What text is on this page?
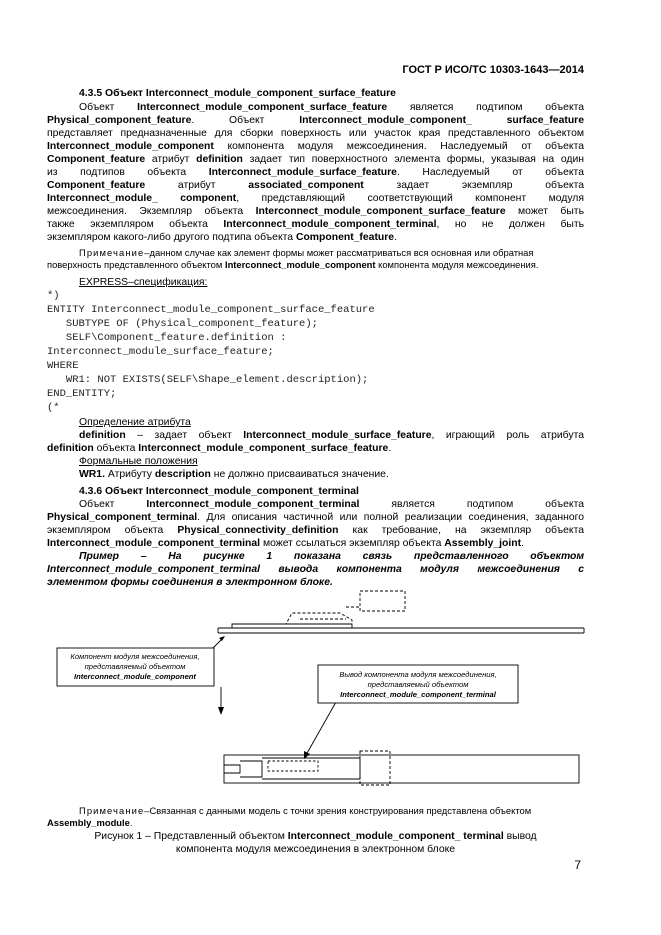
ГОСТ Р ИСО/ТС 10303-1643—2014
4.3.5 Объект Interconnect_module_component_surface_feature
Объект Interconnect_module_component_surface_feature является подтипом объекта
Physical_component_feature.	Объект	Interconnect_module_component_	surface_feature
представляет предназначенные для сборки поверхность или участок края представленного объектом
Interconnect_module_component компонента модуля межсоединения. Наследуемый от объекта
Component_feature атрибут definition задает тип поверхностного элемента формы, указывая на один
из подтипов объекта Interconnect_module_surface_feature. Наследуемый от объекта
Component_feature	атрибут	associated_component	задает	экземпляр	объекта
Interconnect_module_ component, представляющий соответствующий компонент модуля
межсоединения. Экземпляр объекта Interconnect_module_component_surface_feature может быть
также экземпляром объекта Interconnect_module_component_terminal, но не должен быть
экземпляром какого-либо другого подтипа объекта Component_feature.
Примечание–данном случае как элемент формы может рассматриваться вся основная или обратная
поверхность представленного объектом Interconnect_module_component компонента модуля межсоединения.
EXPRESS–спецификация:
*)
ENTITY Interconnect_module_component_surface_feature
SUBTYPE OF (Physical_component_feature);
SELF\Component_feature.definition :
Interconnect_module_surface_feature;
WHERE
WR1: NOT EXISTS(SELF\Shape_element.description);
END_ENTITY;
(*
Определение атрибута
definition – задает объект Interconnect_module_surface_feature, играющий роль атрибута
definition объекта Interconnect_module_component_surface_feature.
Формальные положения
WR1. Атрибуту description не должно присваиваться значение.
4.3.6 Объект Interconnect_module_component_terminal
Объект	Interconnect_module_component_terminal	является	подтипом	объекта
Physical_component_terminal. Для описания частичной или полной реализации соединения, заданного
экземпляром объекта Physical_connectivity_definition как требование, на экземпляр объекта
Interconnect_module_component_terminal может ссылаться экземпляр объекта Assembly_joint.
Пример – На рисунке 1 показана связь представленного объектом
Interconnect_module_component_terminal вывода компонента модуля межсоединения с
элементом формы соединения в электронном блоке.
Компонент модуля межсоединения,
представляемый объектом
Interconnect_module_component	Вывод компонента модуля межсоединения,
представляемый объектом
Interconnect_module_component_terminal
Примечание–Связанная с данными модель с точки зрения конструирования представлена объектом
Assembly_module.
Рисунок 1 – Представленный объектом Interconnect_module_component_ terminal вывод
компонента модуля межсоединения в электронном блоке
7
